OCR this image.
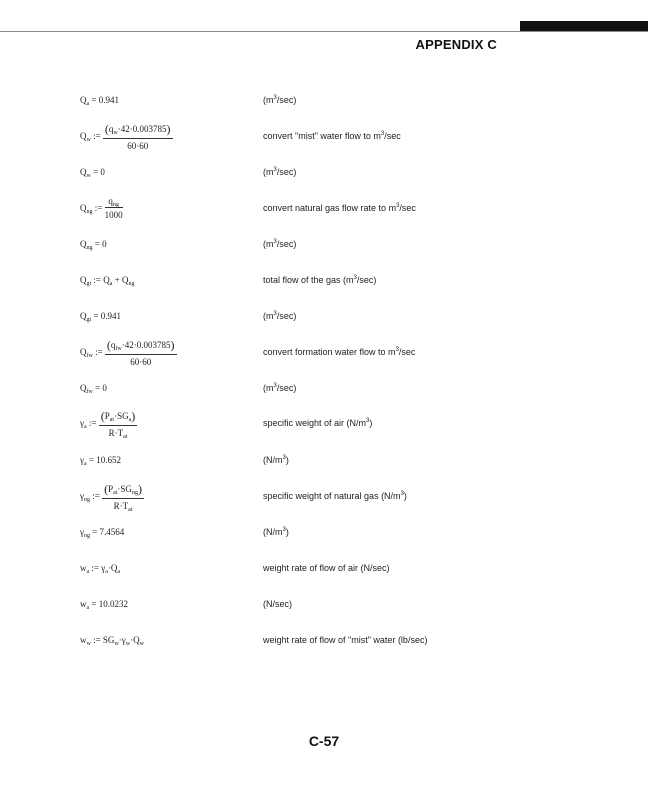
APPENDIX C
$Q_a = 0.941$	$(m^3/\sec)$
$Q_w$ := $\frac{(q_w\cdot 42\cdot 0.003785)}{60\cdot 60}$	convert "mist" water flow to $m^3/\sec$
$Q_w = 0$	$(m^3/\sec)$
$Q_{ng}$ := $\frac{q_{ng}}{1000}$	convert natural gas flow rate to $m^3/\sec$
$Q_{ng} = 0$	$(m^3/\sec)$
$Q_{gt}$ := $Q_a + Q_{ng}$	total flow of the gas $(m^3/\sec)$
$Q_{gt} = 0.941$	$(m^3/\sec)$
$Q_{fw}$ := $\frac{(q_{fw}\cdot 42\cdot 0.003785)}{60\cdot 60}$	convert formation water flow to $m^3/\sec$
$Q_{fw} = 0$	$(m^3/\sec)$
$\gamma_a$ := $\frac{(P_{at}\cdot SG_a)}{R\cdot T_{at}}$	specific weight of air $(N/m^3)$
$\gamma_a = 10.652$	$(N/m^3)$
$\gamma_{ng}$ := $\frac{(P_{at}\cdot SG_{ng})}{R\cdot T_{at}}$	specific weight of natural gas $(N/m^3)$
$\gamma_{ng} = 7.4564$	$(N/m^3)$
$w_a$ := $\gamma_a\cdot Q_a$	weight rate of flow of air (N/sec)
$w_a = 10.0232$	(N/sec)
$w_w$ := $SG_w\cdot\gamma_w\cdot Q_w$	weight rate of flow of "mist" water (lb/sec)
C-57
